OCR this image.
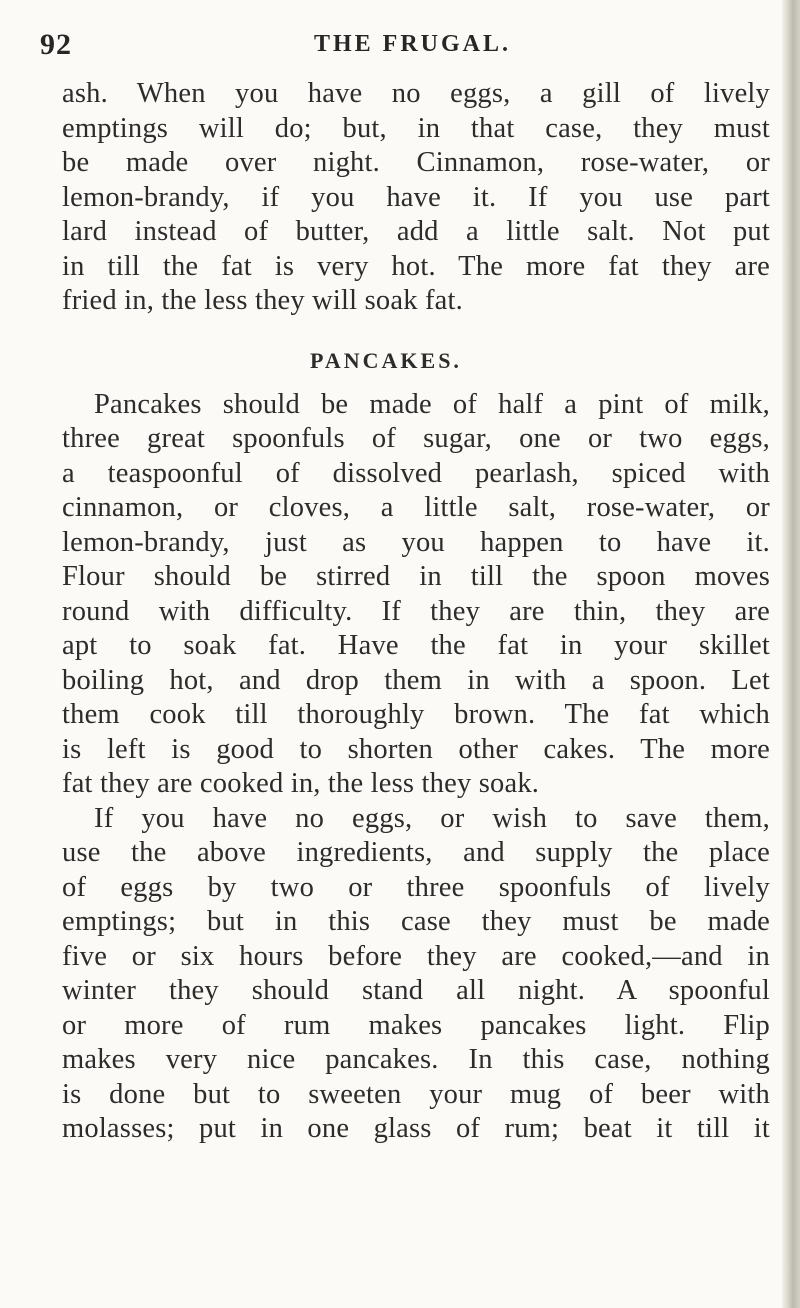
92	THE FRUGAL.
ash. When you have no eggs, a gill of lively
emptings will do; but, in that case, they must
be made over night. Cinnamon, rose-water, or
lemon-brandy, if you have it. If you use part
lard instead of butter, add a little salt. Not put
in till the fat is very hot. The more fat they are
fried in, the less they will soak fat.
PANCAKES.
Pancakes should be made of half a pint of milk,
three great spoonfuls of sugar, one or two eggs,
a teaspoonful of dissolved pearlash, spiced with
cinnamon, or cloves, a little salt, rose-water, or
lemon-brandy, just as you happen to have it.
Flour should be stirred in till the spoon moves
round with difficulty. If they are thin, they are
apt to soak fat. Have the fat in your skillet
boiling hot, and drop them in with a spoon. Let
them cook till thoroughly brown. The fat which
is left is good to shorten other cakes. The more
fat they are cooked in, the less they soak.
If you have no eggs, or wish to save them,
use the above ingredients, and supply the place
of eggs by two or three spoonfuls of lively
emptings; but in this case they must be made
five or six hours before they are cooked,—and in
winter they should stand all night. A spoonful
or more of rum makes pancakes light. Flip
makes very nice pancakes. In this case, nothing
is done but to sweeten your mug of beer with
molasses; put in one glass of rum; beat it till it
